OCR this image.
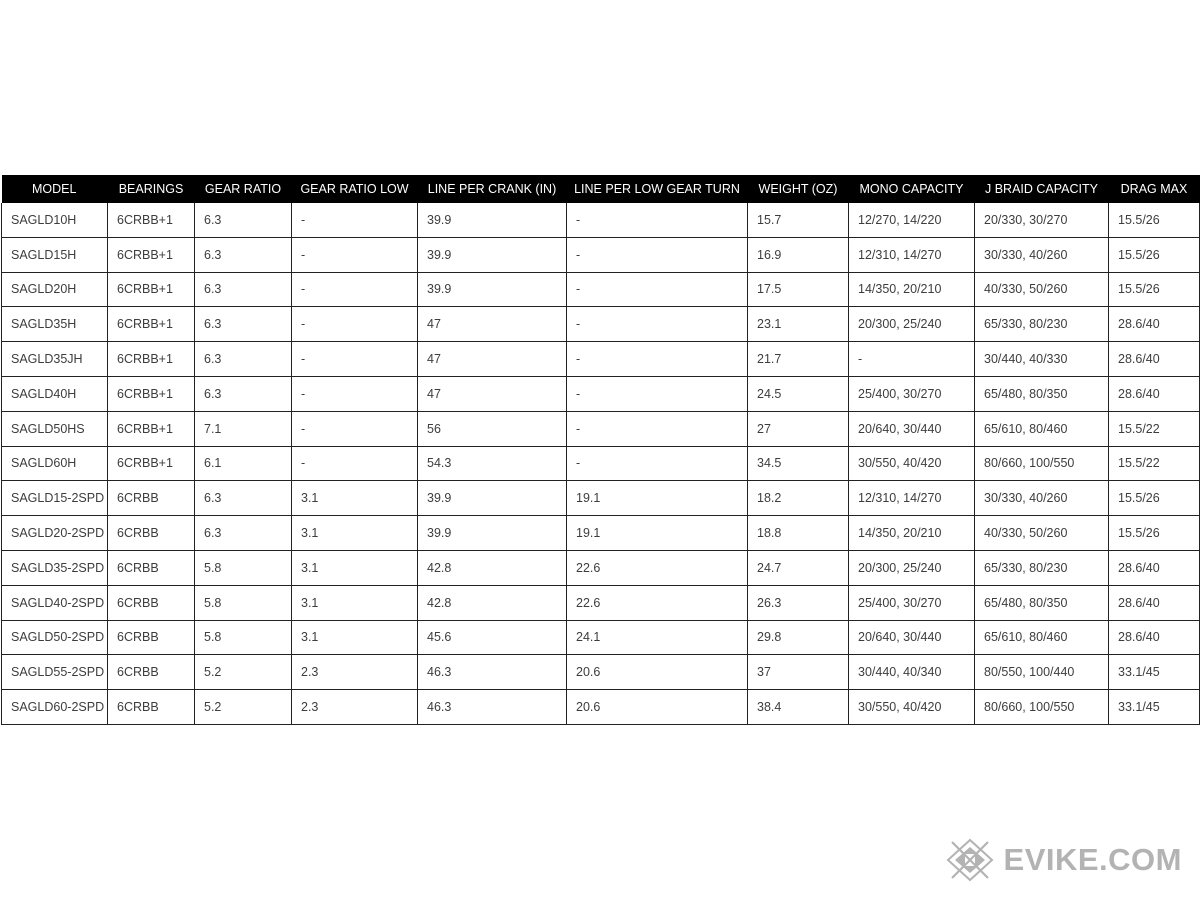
MODEL	BEARINGS	GEAR RATIO	GEAR RATIO LOW	LINE PER CRANK (IN)	LINE PER LOW GEAR TURN	WEIGHT (OZ)	MONO CAPACITY	J BRAID CAPACITY	DRAG MAX
SAGLD10H	6CRBB+1	6.3	-	39.9	-	15.7	12/270, 14/220	20/330, 30/270	15.5/26
SAGLD15H	6CRBB+1	6.3	-	39.9	-	16.9	12/310, 14/270	30/330, 40/260	15.5/26
SAGLD20H	6CRBB+1	6.3	-	39.9	-	17.5	14/350, 20/210	40/330, 50/260	15.5/26
SAGLD35H	6CRBB+1	6.3	-	47	-	23.1	20/300, 25/240	65/330, 80/230	28.6/40
SAGLD35JH	6CRBB+1	6.3	-	47	-	21.7	-	30/440, 40/330	28.6/40
SAGLD40H	6CRBB+1	6.3	-	47	-	24.5	25/400, 30/270	65/480, 80/350	28.6/40
SAGLD50HS	6CRBB+1	7.1	-	56	-	27	20/640, 30/440	65/610, 80/460	15.5/22
SAGLD60H	6CRBB+1	6.1	-	54.3	-	34.5	30/550, 40/420	80/660, 100/550	15.5/22
SAGLD15-2SPD	6CRBB	6.3	3.1	39.9	19.1	18.2	12/310, 14/270	30/330, 40/260	15.5/26
SAGLD20-2SPD	6CRBB	6.3	3.1	39.9	19.1	18.8	14/350, 20/210	40/330, 50/260	15.5/26
SAGLD35-2SPD	6CRBB	5.8	3.1	42.8	22.6	24.7	20/300, 25/240	65/330, 80/230	28.6/40
SAGLD40-2SPD	6CRBB	5.8	3.1	42.8	22.6	26.3	25/400, 30/270	65/480, 80/350	28.6/40
SAGLD50-2SPD	6CRBB	5.8	3.1	45.6	24.1	29.8	20/640, 30/440	65/610, 80/460	28.6/40
SAGLD55-2SPD	6CRBB	5.2	2.3	46.3	20.6	37	30/440, 40/340	80/550, 100/440	33.1/45
SAGLD60-2SPD	6CRBB	5.2	2.3	46.3	20.6	38.4	30/550, 40/420	80/660, 100/550	33.1/45
EVIKE.COM
